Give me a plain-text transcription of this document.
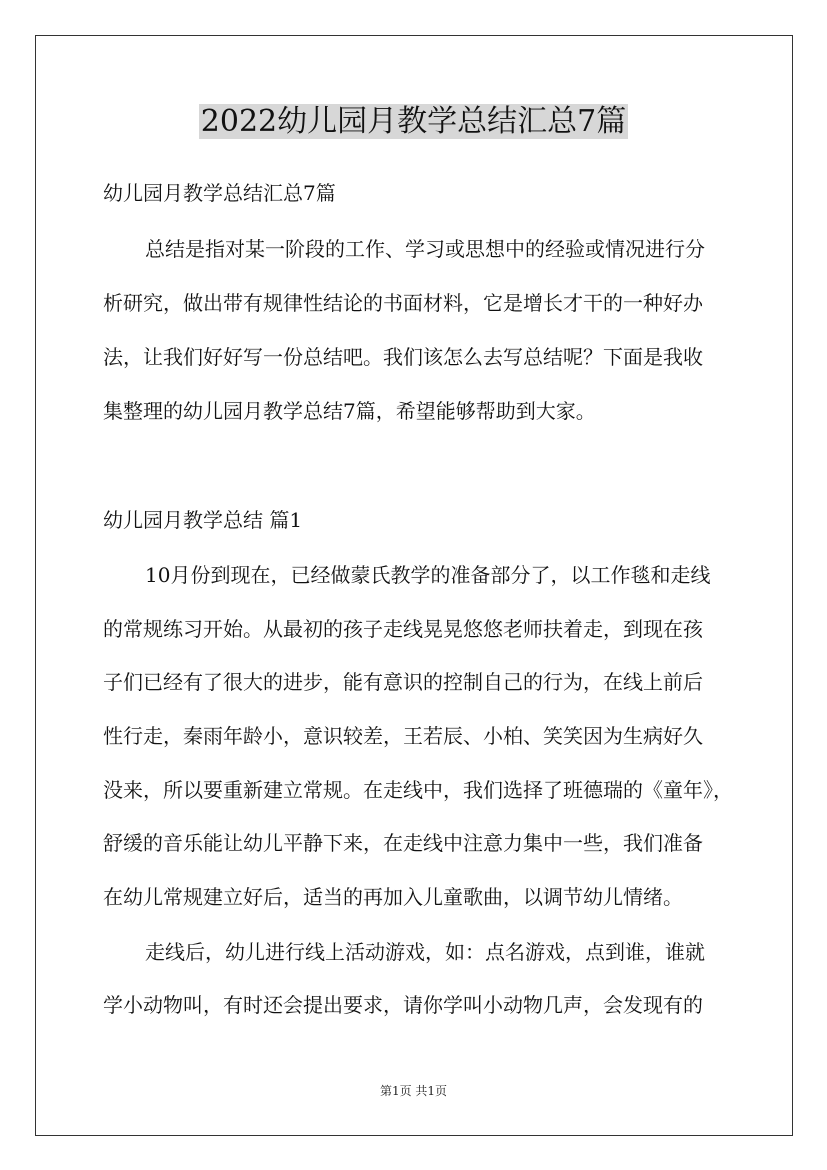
2022幼儿园月教学总结汇总7篇
幼儿园月教学总结汇总7篇
总结是指对某一阶段的工作、学习或思想中的经验或情况进行分
析研究，做出带有规律性结论的书面材料，它是增长才干的一种好办
法，让我们好好写一份总结吧。我们该怎么去写总结呢？下面是我收
集整理的幼儿园月教学总结7篇，希望能够帮助到大家。
幼儿园月教学总结 篇1
10月份到现在，已经做蒙氏教学的准备部分了，以工作毯和走线
的常规练习开始。从最初的孩子走线晃晃悠悠老师扶着走，到现在孩
子们已经有了很大的进步，能有意识的控制自己的行为，在线上前后
性行走，秦雨年龄小，意识较差，王若辰、小柏、笑笑因为生病好久
没来，所以要重新建立常规。在走线中，我们选择了班德瑞的《童年》，
舒缓的音乐能让幼儿平静下来，在走线中注意力集中一些，我们准备
在幼儿常规建立好后，适当的再加入儿童歌曲，以调节幼儿情绪。
走线后，幼儿进行线上活动游戏，如：点名游戏，点到谁，谁就
学小动物叫，有时还会提出要求，请你学叫小动物几声，会发现有的
第1页 共1页
